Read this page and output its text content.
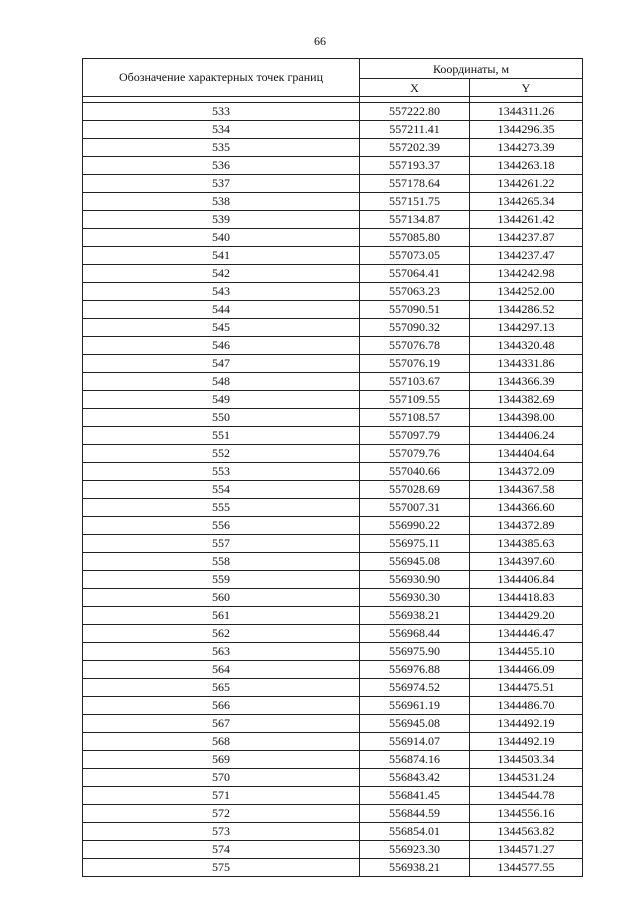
66
Обозначение характерных точек границ	Координаты, м	
	X	Y

533	557222.80	1344311.26
534	557211.41	1344296.35
535	557202.39	1344273.39
536	557193.37	1344263.18
537	557178.64	1344261.22
538	557151.75	1344265.34
539	557134.87	1344261.42
540	557085.80	1344237.87
541	557073.05	1344237.47
542	557064.41	1344242.98
543	557063.23	1344252.00
544	557090.51	1344286.52
545	557090.32	1344297.13
546	557076.78	1344320.48
547	557076.19	1344331.86
548	557103.67	1344366.39
549	557109.55	1344382.69
550	557108.57	1344398.00
551	557097.79	1344406.24
552	557079.76	1344404.64
553	557040.66	1344372.09
554	557028.69	1344367.58
555	557007.31	1344366.60
556	556990.22	1344372.89
557	556975.11	1344385.63
558	556945.08	1344397.60
559	556930.90	1344406.84
560	556930.30	1344418.83
561	556938.21	1344429.20
562	556968.44	1344446.47
563	556975.90	1344455.10
564	556976.88	1344466.09
565	556974.52	1344475.51
566	556961.19	1344486.70
567	556945.08	1344492.19
568	556914.07	1344492.19
569	556874.16	1344503.34
570	556843.42	1344531.24
571	556841.45	1344544.78
572	556844.59	1344556.16
573	556854.01	1344563.82
574	556923.30	1344571.27
575	556938.21	1344577.55
